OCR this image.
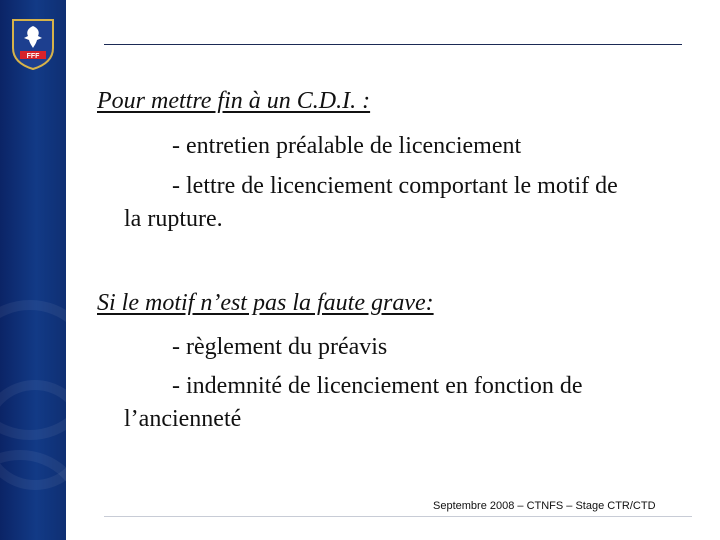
FFF
Pour mettre fin à un C.D.I. :
- entretien préalable de licenciement
- lettre de licenciement comportant le motif de
la rupture.
Si le motif n’est pas la faute grave:
- règlement du préavis
- indemnité de licenciement en fonction de
l’ancienneté
Septembre 2008 – CTNFS – Stage CTR/CTD
